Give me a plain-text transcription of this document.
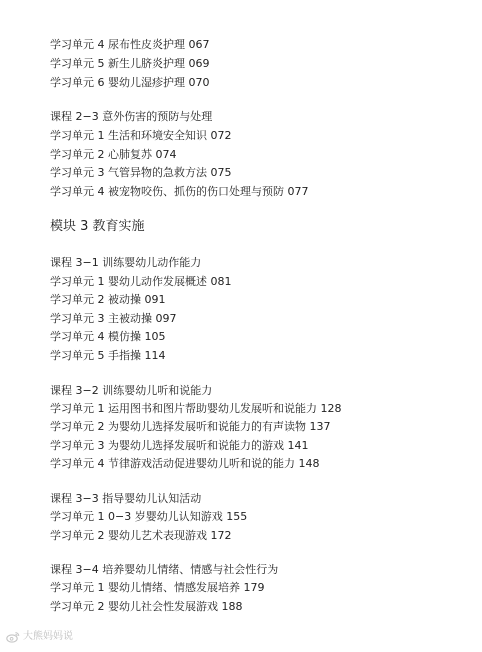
学习单元 4 尿布性皮炎护理 067
学习单元 5 新生儿脐炎护理 069
学习单元 6 婴幼儿湿疹护理 070
课程 2−3 意外伤害的预防与处理
学习单元 1 生活和环境安全知识 072
学习单元 2 心肺复苏 074
学习单元 3 气管异物的急救方法 075
学习单元 4 被宠物咬伤、抓伤的伤口处理与预防 077
模块 3 教育实施
课程 3−1 训练婴幼儿动作能力
学习单元 1 婴幼儿动作发展概述 081
学习单元 2 被动操 091
学习单元 3 主被动操 097
学习单元 4 模仿操 105
学习单元 5 手指操 114
课程 3−2 训练婴幼儿听和说能力
学习单元 1 运用图书和图片帮助婴幼儿发展听和说能力 128
学习单元 2 为婴幼儿选择发展听和说能力的有声读物 137
学习单元 3 为婴幼儿选择发展听和说能力的游戏 141
学习单元 4 节律游戏活动促进婴幼儿听和说的能力 148
课程 3−3 指导婴幼儿认知活动
学习单元 1 0−3 岁婴幼儿认知游戏 155
学习单元 2 婴幼儿艺术表现游戏 172
课程 3−4 培养婴幼儿情绪、情感与社会性行为
学习单元 1 婴幼儿情绪、情感发展培养 179
学习单元 2 婴幼儿社会性发展游戏 188
大熊妈妈说
